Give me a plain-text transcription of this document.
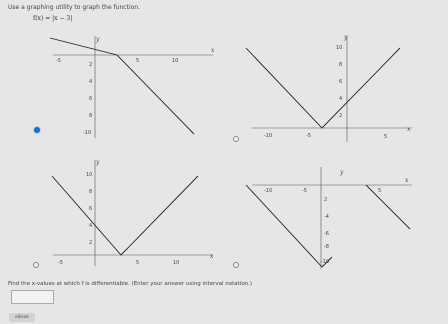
Use a graphing utility to graph the function.
f(x) = |x − 3|
x
y
-5	5	10
2
4
6
8
-10	x
y
-10	-5	5
10
8
6
4
2
x
y
-5	5	10
10
8
6
4
2
x
y
-10	-5	5
2
-4
-6
-8
-10
Find the x-values at which f is differentiable. (Enter your answer using interval notation.)
eBook
